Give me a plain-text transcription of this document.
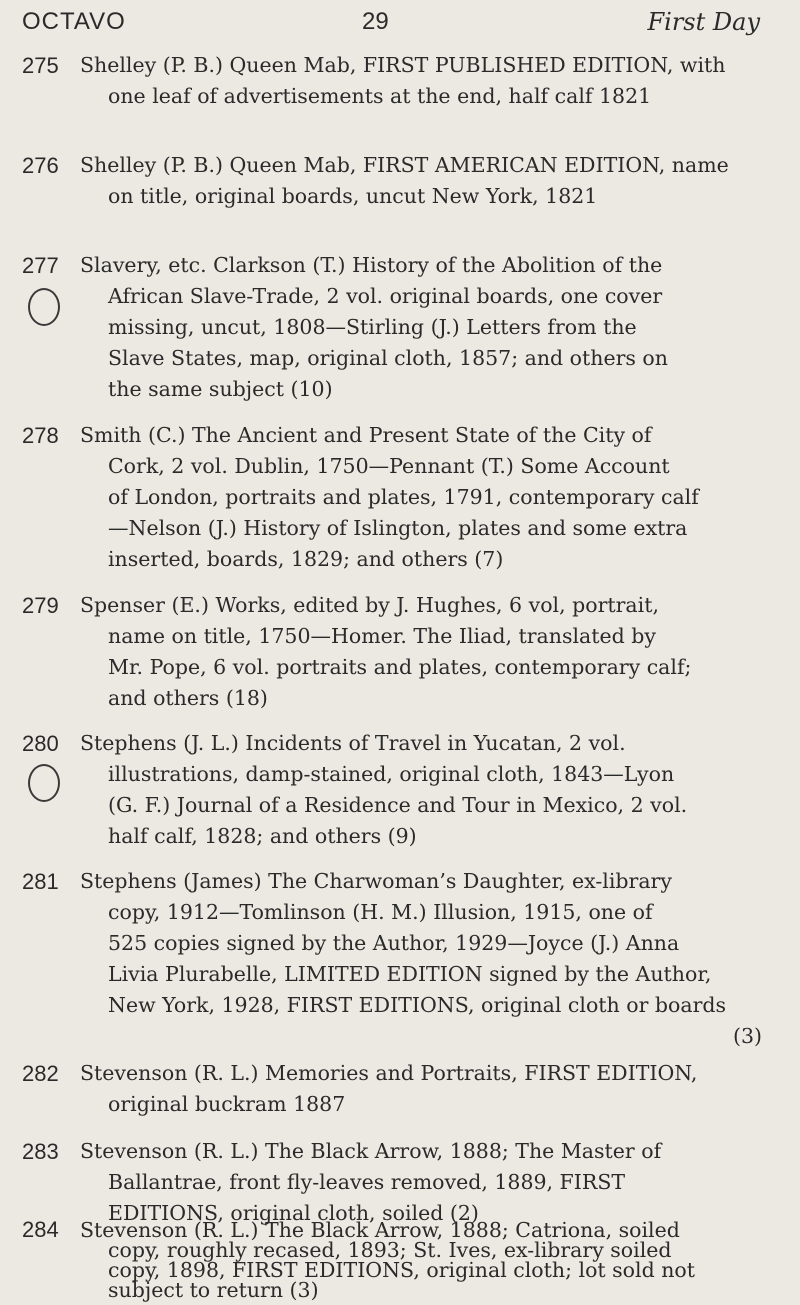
OCTAVO	29	First Day
275	Shelley (P. B.) Queen Mab, FIRST PUBLISHED EDITION, with
one leaf of advertisements at the end, half calf 1821
276	Shelley (P. B.) Queen Mab, FIRST AMERICAN EDITION, name
on title, original boards, uncut New York, 1821
277	Slavery, etc. Clarkson (T.) History of the Abolition of the
African Slave-Trade, 2 vol. original boards, one cover
missing, uncut, 1808—Stirling (J.) Letters from the
Slave States, map, original cloth, 1857; and others on
the same subject (10)
278	Smith (C.) The Ancient and Present State of the City of
Cork, 2 vol. Dublin, 1750—Pennant (T.) Some Account
of London, portraits and plates, 1791, contemporary calf
—Nelson (J.) History of Islington, plates and some extra
inserted, boards, 1829; and others (7)
279	Spenser (E.) Works, edited by J. Hughes, 6 vol, portrait,
name on title, 1750—Homer. The Iliad, translated by
Mr. Pope, 6 vol. portraits and plates, contemporary calf;
and others (18)
280	Stephens (J. L.) Incidents of Travel in Yucatan, 2 vol.
illustrations, damp-stained, original cloth, 1843—Lyon
(G. F.) Journal of a Residence and Tour in Mexico, 2 vol.
half calf, 1828; and others (9)
281	Stephens (James) The Charwoman’s Daughter, ex-library
copy, 1912—Tomlinson (H. M.) Illusion, 1915, one of
525 copies signed by the Author, 1929—Joyce (J.) Anna
Livia Plurabelle, LIMITED EDITION signed by the Author,
New York, 1928, FIRST EDITIONS, original cloth or boards
(3)
282	Stevenson (R. L.) Memories and Portraits, FIRST EDITION,
original buckram 1887
283	Stevenson (R. L.) The Black Arrow, 1888; The Master of
Ballantrae, front fly-leaves removed, 1889, FIRST
EDITIONS, original cloth, soiled (2)
284	Stevenson (R. L.) The Black Arrow, 1888; Catriona, soiled
copy, roughly recased, 1893; St. Ives, ex-library soiled
copy, 1898, FIRST EDITIONS, original cloth; lot sold not
subject to return (3)
